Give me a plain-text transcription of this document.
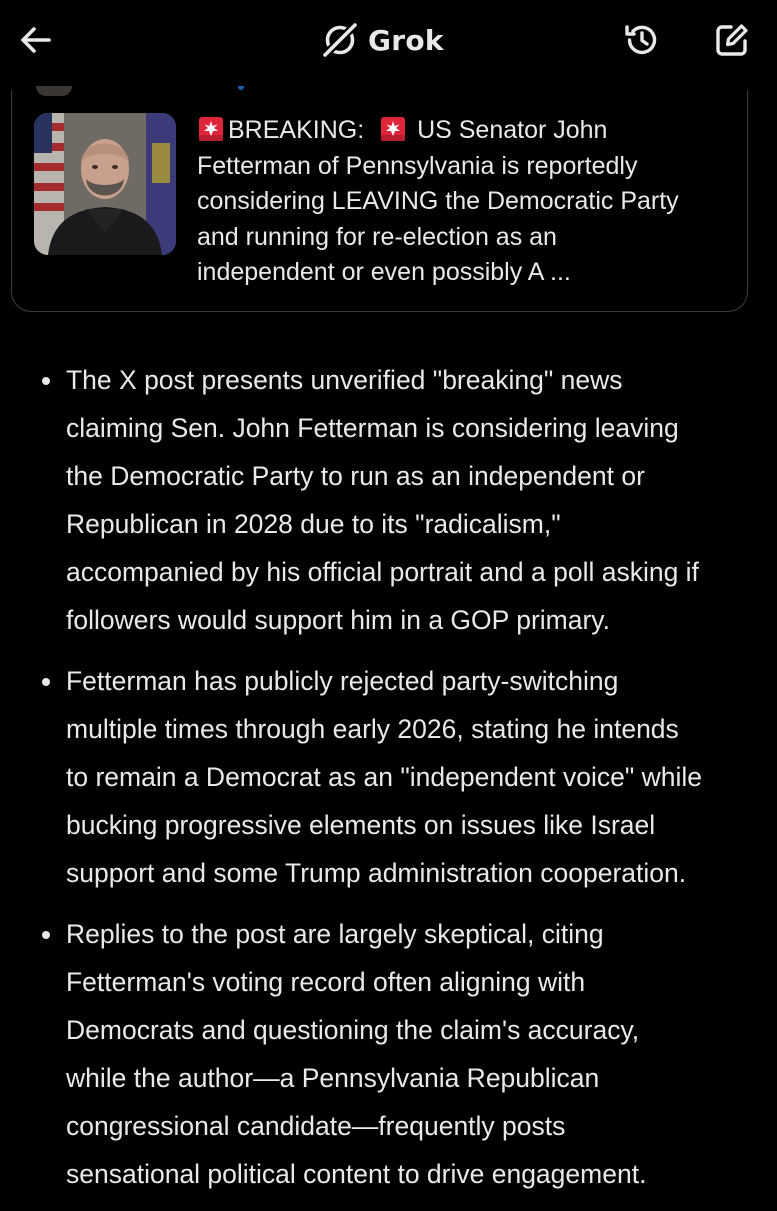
Grok
BREAKING: US Senator John
Fetterman of Pennsylvania is reportedly
considering LEAVING the Democratic Party
and running for re-election as an
independent or even possibly A ...
The X post presents unverified "breaking" news
claiming Sen. John Fetterman is considering leaving
the Democratic Party to run as an independent or
Republican in 2028 due to its "radicalism,"
accompanied by his official portrait and a poll asking if
followers would support him in a GOP primary.
Fetterman has publicly rejected party-switching
multiple times through early 2026, stating he intends
to remain a Democrat as an "independent voice" while
bucking progressive elements on issues like Israel
support and some Trump administration cooperation.
Replies to the post are largely skeptical, citing
Fetterman's voting record often aligning with
Democrats and questioning the claim's accuracy,
while the author—a Pennsylvania Republican
congressional candidate—frequently posts
sensational political content to drive engagement.
